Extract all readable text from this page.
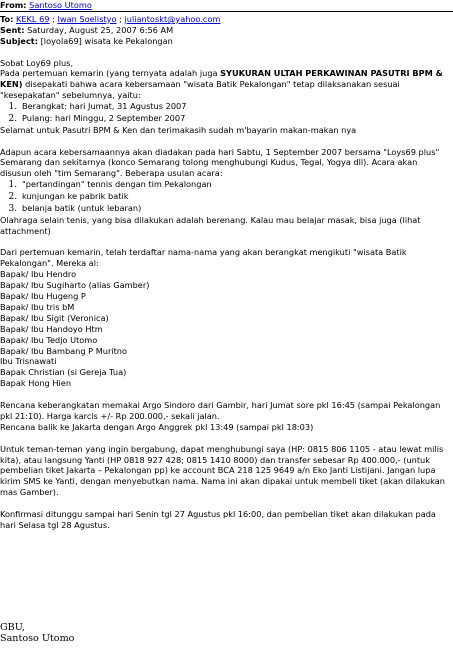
From: Santoso Utomo
To: KEKL 69 ; Iwan Soelistyo ; juliantoskt@yahoo.com
Sent: Saturday, August 25, 2007 6:56 AM
Subject: [loyola69] wisata ke Pekalongan

Sobat Loy69 plus,

Pada pertemuan kemarin (yang ternyata adalah juga SYUKURAN ULTAH PERKAWINAN PASUTRI BPM & KEN) disepakati bahwa acara kebersamaan "wisata Batik Pekalongan" tetap dilaksanakan sesuai "kesepakatan" sebelumnya, yaitu:

1. Berangkat: hari Jumat, 31 Agustus 2007
2. Pulang: hari Minggu, 2 September 2007

Selamat untuk Pasutri BPM & Ken dan terimakasih sudah m'bayarin makan-makan nya

Adapun acara kebersamaannya akan diadakan pada hari Sabtu, 1 September 2007 bersama "Loys69 plus" Semarang dan sekitarnya (konco Semarang tolong menghubungi Kudus, Tegal, Yogya dll). Acara akan disusun oleh "tim Semarang". Beberapa usulan acara:

1. "pertandingan" tennis dengan tim Pekalongan
2. kunjungan ke pabrik batik
3. belanja batik (untuk lebaran)

Olahraga selain tenis, yang bisa dilakukan adalah berenang. Kalau mau belajar masak, bisa juga (lihat attachment)

Dari pertemuan kemarin, telah terdaftar nama-nama yang akan berangkat mengikuti "wisata Batik Pekalongan". Mereka al:

Bapak/ Ibu Hendro
Bapak/ Ibu Sugiharto (alias Gamber)
Bapak/ Ibu Hugeng P
Bapak/ Ibu tris bM
Bapak/ Ibu Sigit (Veronica)
Bapak/ Ibu Handoyo Htm
Bapak/ Ibu Tedjo Utomo
Bapak/ Ibu Bambang P Muritno
Ibu Trisnawati
Bapak Christian (si Gereja Tua)
Bapak Hong Hien

Rencana keberangkatan memakai Argo Sindoro dari Gambir, hari Jumat sore pkl 16:45 (sampai Pekalongan pkl 21:10). Harga karcis +/- Rp 200.000,- sekali jalan.

Rencana balik ke Jakarta dengan Argo Anggrek pkl 13:49 (sampai pkl 18:03)

Untuk teman-teman yang ingin bergabung, dapat menghubungi saya (HP: 0815 806 1105 - atau lewat milis kita), atau langsung Yanti (HP 0818 927 428; 0815 1410 8000) dan transfer sebesar Rp 400.000,- (untuk pembelian tiket Jakarta – Pekalongan pp) ke account BCA 218 125 9649 a/n Eko Janti Listijani. Jangan lupa kirim SMS ke Yanti, dengan menyebutkan nama. Nama ini akan dipakai untuk membeli tiket (akan dilakukan mas Gamber).

Konfirmasi ditunggu sampai hari Senin tgl 27 Agustus pkl 16:00, dan pembelian tiket akan dilakukan pada hari Selasa tgl 28 Agustus.

GBU,
Santoso Utomo
